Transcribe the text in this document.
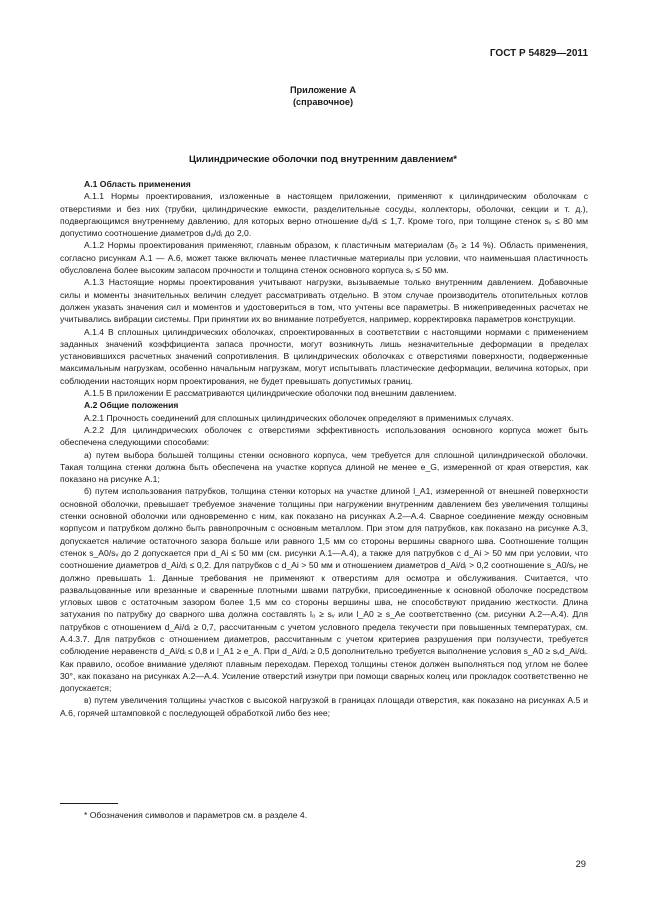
ГОСТ Р 54829—2011
Приложение А
(справочное)
Цилиндрические оболочки под внутренним давлением*

А.1 Область применения

А.1.1 Нормы проектирования, изложенные в настоящем приложении, применяют к цилиндрическим оболочкам с отверстиями и без них (трубки, цилиндрические емкости, разделительные сосуды, коллекторы, оболочки, секции и т. д.), подвергающимся внутреннему давлению, для которых верно отношение dₐ/dᵢ ≤ 1,7. Кроме того, при толщине стенок sᵥ ≤ 80 мм допустимо соотношение диаметров dₐ/dᵢ до 2,0.

А.1.2 Нормы проектирования применяют, главным образом, к пластичным материалам (δ₅ ≥ 14 %). Область применения, согласно рисункам А.1 — А.6, может также включать менее пластичные материалы при условии, что наименьшая пластичность обусловлена более высоким запасом прочности и толщина стенок основного корпуса sᵥ ≤ 50 мм.

А.1.3 Настоящие нормы проектирования учитывают нагрузки, вызываемые только внутренним давлением. Добавочные силы и моменты значительных величин следует рассматривать отдельно. В этом случае производитель отопительных котлов должен указать значения сил и моментов и удостовериться в том, что учтены все параметры. В нижеприведенных расчетах не учитывались вибрации системы. При принятии их во внимание потребуется, например, корректировка параметров конструкции.

А.1.4 В сплошных цилиндрических оболочках, спроектированных в соответствии с настоящими нормами с применением заданных значений коэффициента запаса прочности, могут возникнуть лишь незначительные деформации в пределах установившихся расчетных значений сопротивления. В цилиндрических оболочках с отверстиями поверхности, подверженные максимальным нагрузкам, особенно начальным нагрузкам, могут испытывать пластические деформации, величина которых, при соблюдении настоящих норм проектирования, не будет превышать допустимых границ.

А.1.5 В приложении Е рассматриваются цилиндрические оболочки под внешним давлением.

А.2 Общие положения

А.2.1 Прочность соединений для сплошных цилиндрических оболочек определяют в применимых случаях.

А.2.2 Для цилиндрических оболочек с отверстиями эффективность использования основного корпуса может быть обеспечена следующими способами:

а) путем выбора большей толщины стенки основного корпуса, чем требуется для сплошной цилиндрической оболочки. Такая толщина стенки должна быть обеспечена на участке корпуса длиной не менее e_G, измеренной от края отверстия, как показано на рисунке А.1;

б) путем использования патрубков, толщина стенки которых на участке длиной l_A1, измеренной от внешней поверхности основной оболочки, превышает требуемое значение толщины при нагружении внутренним давлением без увеличения толщины стенки основной оболочки или одновременно с ним, как показано на рисунках А.2—А.4. Сварное соединение между основным корпусом и патрубком должно быть равнопрочным с основным металлом. При этом для патрубков, как показано на рисунке А.3, допускается наличие остаточного зазора больше или равного 1,5 мм со стороны вершины сварного шва. Соотношение толщин стенок s_A0/sᵥ до 2 допускается при d_Ai ≤ 50 мм (см. рисунки А.1—А.4), а также для патрубков с d_Ai > 50 мм при условии, что соотношение диаметров d_Ai/dᵢ ≤ 0,2. Для патрубков с d_Ai > 50 мм и отношением диаметров d_Ai/dᵢ > 0,2 соотношение s_A0/sᵥ не должно превышать 1. Данные требования не применяют к отверстиям для осмотра и обслуживания. Считается, что развальцованные или врезанные и сваренные плотными швами патрубки, присоединенные к основной оболочке посредством угловых швов с остаточным зазором более 1,5 мм со стороны вершины шва, не способствуют приданию жесткости. Длина затухания по патрубку до сварного шва должна составлять l₀ ≥ sᵥ или l_A0 ≥ s_Ae соответственно (см. рисунки А.2—А.4). Для патрубков с отношением d_Ai/dᵢ ≥ 0,7, рассчитанным с учетом условного предела текучести при повышенных температурах, см. А.4.3.7. Для патрубков с отношением диаметров, рассчитанным с учетом критериев разрушения при ползучести, требуется соблюдение неравенств d_Ai/dᵢ ≤ 0,8 и l_A1 ≥ e_A. При d_Ai/dᵢ ≥ 0,5 дополнительно требуется выполнение условия s_A0 ≥ sᵥd_Ai/dᵢ. Как правило, особое внимание уделяют плавным переходам. Переход толщины стенок должен выполняться под углом не более 30°, как показано на рисунках А.2—А.4. Усиление отверстий изнутри при помощи сварных колец или прокладок соответственно не допускается;

в) путем увеличения толщины участков с высокой нагрузкой в границах площади отверстия, как показано на рисунках А.5 и А.6, горячей штамповкой с последующей обработкой либо без нее;

* Обозначения символов и параметров см. в разделе 4.
29
